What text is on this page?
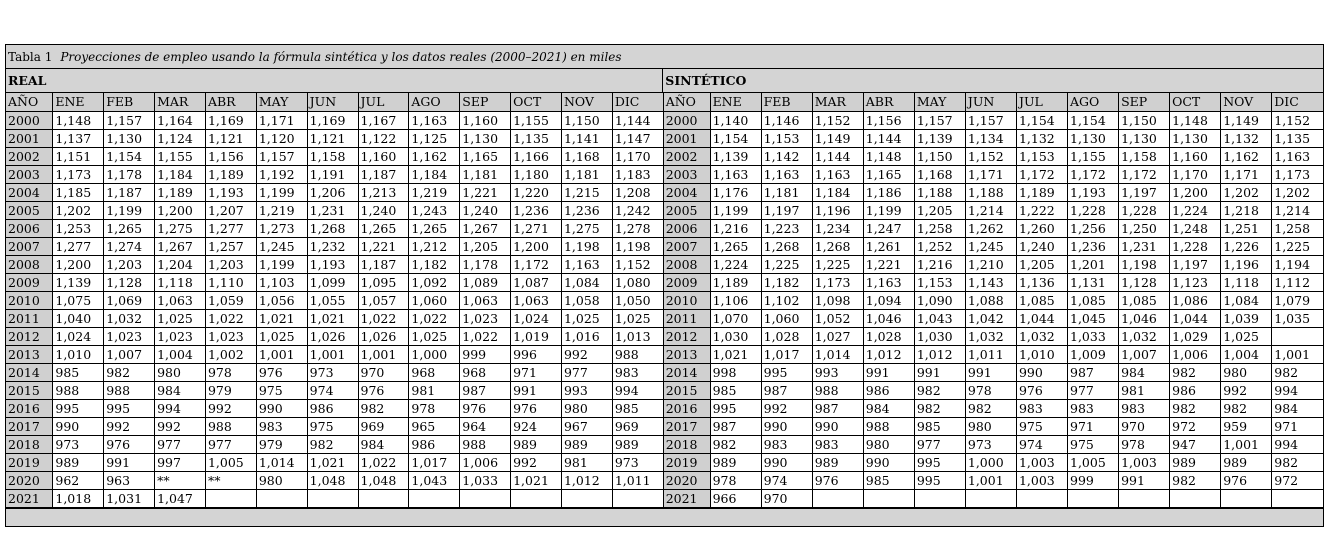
Tabla 1 Proyecciones de empleo usando la fórmula sintética y los datos reales (2000–2021) en miles
REAL	SINTÉTICO
AÑO	ENE	FEB	MAR	ABR	MAY	JUN	JUL	AGO	SEP	OCT	NOV	DIC	AÑO	ENE	FEB	MAR	ABR	MAY	JUN	JUL	AGO	SEP	OCT	NOV	DIC
2000	1,148	1,157	1,164	1,169	1,171	1,169	1,167	1,163	1,160	1,155	1,150	1,144	2000	1,140	1,146	1,152	1,156	1,157	1,157	1,154	1,154	1,150	1,148	1,149	1,152
2001	1,137	1,130	1,124	1,121	1,120	1,121	1,122	1,125	1,130	1,135	1,141	1,147	2001	1,154	1,153	1,149	1,144	1,139	1,134	1,132	1,130	1,130	1,130	1,132	1,135
2002	1,151	1,154	1,155	1,156	1,157	1,158	1,160	1,162	1,165	1,166	1,168	1,170	2002	1,139	1,142	1,144	1,148	1,150	1,152	1,153	1,155	1,158	1,160	1,162	1,163
2003	1,173	1,178	1,184	1,189	1,192	1,191	1,187	1,184	1,181	1,180	1,181	1,183	2003	1,163	1,163	1,163	1,165	1,168	1,171	1,172	1,172	1,172	1,170	1,171	1,173
2004	1,185	1,187	1,189	1,193	1,199	1,206	1,213	1,219	1,221	1,220	1,215	1,208	2004	1,176	1,181	1,184	1,186	1,188	1,188	1,189	1,193	1,197	1,200	1,202	1,202
2005	1,202	1,199	1,200	1,207	1,219	1,231	1,240	1,243	1,240	1,236	1,236	1,242	2005	1,199	1,197	1,196	1,199	1,205	1,214	1,222	1,228	1,228	1,224	1,218	1,214
2006	1,253	1,265	1,275	1,277	1,273	1,268	1,265	1,265	1,267	1,271	1,275	1,278	2006	1,216	1,223	1,234	1,247	1,258	1,262	1,260	1,256	1,250	1,248	1,251	1,258
2007	1,277	1,274	1,267	1,257	1,245	1,232	1,221	1,212	1,205	1,200	1,198	1,198	2007	1,265	1,268	1,268	1,261	1,252	1,245	1,240	1,236	1,231	1,228	1,226	1,225
2008	1,200	1,203	1,204	1,203	1,199	1,193	1,187	1,182	1,178	1,172	1,163	1,152	2008	1,224	1,225	1,225	1,221	1,216	1,210	1,205	1,201	1,198	1,197	1,196	1,194
2009	1,139	1,128	1,118	1,110	1,103	1,099	1,095	1,092	1,089	1,087	1,084	1,080	2009	1,189	1,182	1,173	1,163	1,153	1,143	1,136	1,131	1,128	1,123	1,118	1,112
2010	1,075	1,069	1,063	1,059	1,056	1,055	1,057	1,060	1,063	1,063	1,058	1,050	2010	1,106	1,102	1,098	1,094	1,090	1,088	1,085	1,085	1,085	1,086	1,084	1,079
2011	1,040	1,032	1,025	1,022	1,021	1,021	1,022	1,022	1,023	1,024	1,025	1,025	2011	1,070	1,060	1,052	1,046	1,043	1,042	1,044	1,045	1,046	1,044	1,039	1,035
2012	1,024	1,023	1,023	1,023	1,025	1,026	1,026	1,025	1,022	1,019	1,016	1,013	2012	1,030	1,028	1,027	1,028	1,030	1,032	1,032	1,033	1,032	1,029	1,025	
2013	1,010	1,007	1,004	1,002	1,001	1,001	1,001	1,000	999	996	992	988	2013	1,021	1,017	1,014	1,012	1,012	1,011	1,010	1,009	1,007	1,006	1,004	1,001
2014	985	982	980	978	976	973	970	968	968	971	977	983	2014	998	995	993	991	991	991	990	987	984	982	980	982
2015	988	988	984	979	975	974	976	981	987	991	993	994	2015	985	987	988	986	982	978	976	977	981	986	992	994
2016	995	995	994	992	990	986	982	978	976	976	980	985	2016	995	992	987	984	982	982	983	983	983	982	982	984
2017	990	992	992	988	983	975	969	965	964	924	967	969	2017	987	990	990	988	985	980	975	971	970	972	959	971
2018	973	976	977	977	979	982	984	986	988	989	989	989	2018	982	983	983	980	977	973	974	975	978	947	1,001	994
2019	989	991	997	1,005	1,014	1,021	1,022	1,017	1,006	992	981	973	2019	989	990	989	990	995	1,000	1,003	1,005	1,003	989	989	982
2020	962	963	**	**	980	1,048	1,048	1,043	1,033	1,021	1,012	1,011	2020	978	974	976	985	995	1,001	1,003	999	991	982	976	972
2021	1,018	1,031	1,047										2021	966	970										
